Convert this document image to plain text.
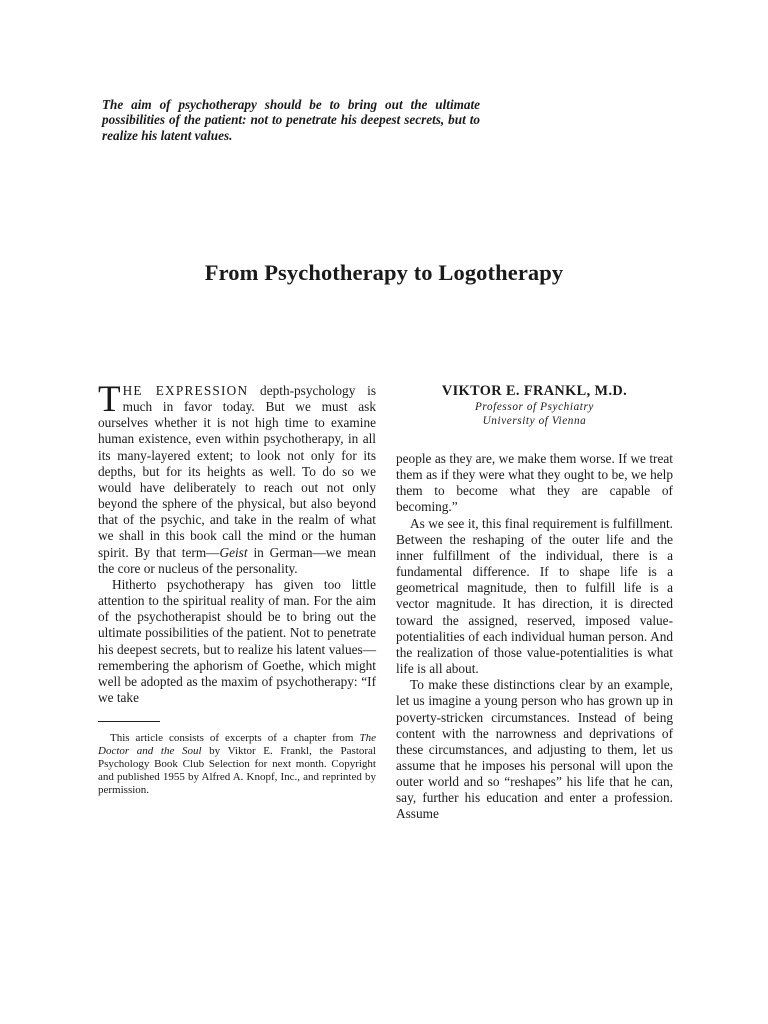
The aim of psychotherapy should be to bring out the ultimate possibilities of the patient: not to penetrate his deepest secrets, but to realize his latent values.
From Psychotherapy to Logotherapy

THE EXPRESSION depth-psychology is much in favor today. But we must ask ourselves whether it is not high time to examine human existence, even within psychotherapy, in all its many-layered extent; to look not only for its depths, but for its heights as well. To do so we would have deliberately to reach out not only beyond the sphere of the physical, but also beyond that of the psychic, and take in the realm of what we shall in this book call the mind or the human spirit. By that term—Geist in German—we mean the core or nucleus of the personality.

Hitherto psychotherapy has given too little attention to the spiritual reality of man. For the aim of the psychotherapist should be to bring out the ultimate possibilities of the patient. Not to penetrate his deepest secrets, but to realize his latent values—remembering the aphorism of Goethe, which might well be adopted as the maxim of psychotherapy: “If we take

This article consists of excerpts of a chapter from The Doctor and the Soul by Viktor E. Frankl, the Pastoral Psychology Book Club Selection for next month. Copyright and published 1955 by Alfred A. Knopf, Inc., and reprinted by permission.

VIKTOR E. FRANKL, M.D.

Professor of Psychiatry

University of Vienna

people as they are, we make them worse. If we treat them as if they were what they ought to be, we help them to become what they are capable of becoming.”

As we see it, this final requirement is fulfillment. Between the reshaping of the outer life and the inner fulfillment of the individual, there is a fundamental difference. If to shape life is a geometrical magnitude, then to fulfill life is a vector magnitude. It has direction, it is directed toward the assigned, reserved, imposed value-potentialities of each individual human person. And the realization of those value-potentialities is what life is all about.

To make these distinctions clear by an example, let us imagine a young person who has grown up in poverty-stricken circumstances. Instead of being content with the narrowness and deprivations of these circumstances, and adjusting to them, let us assume that he imposes his personal will upon the outer world and so “reshapes” his life that he can, say, further his education and enter a profession. Assume
